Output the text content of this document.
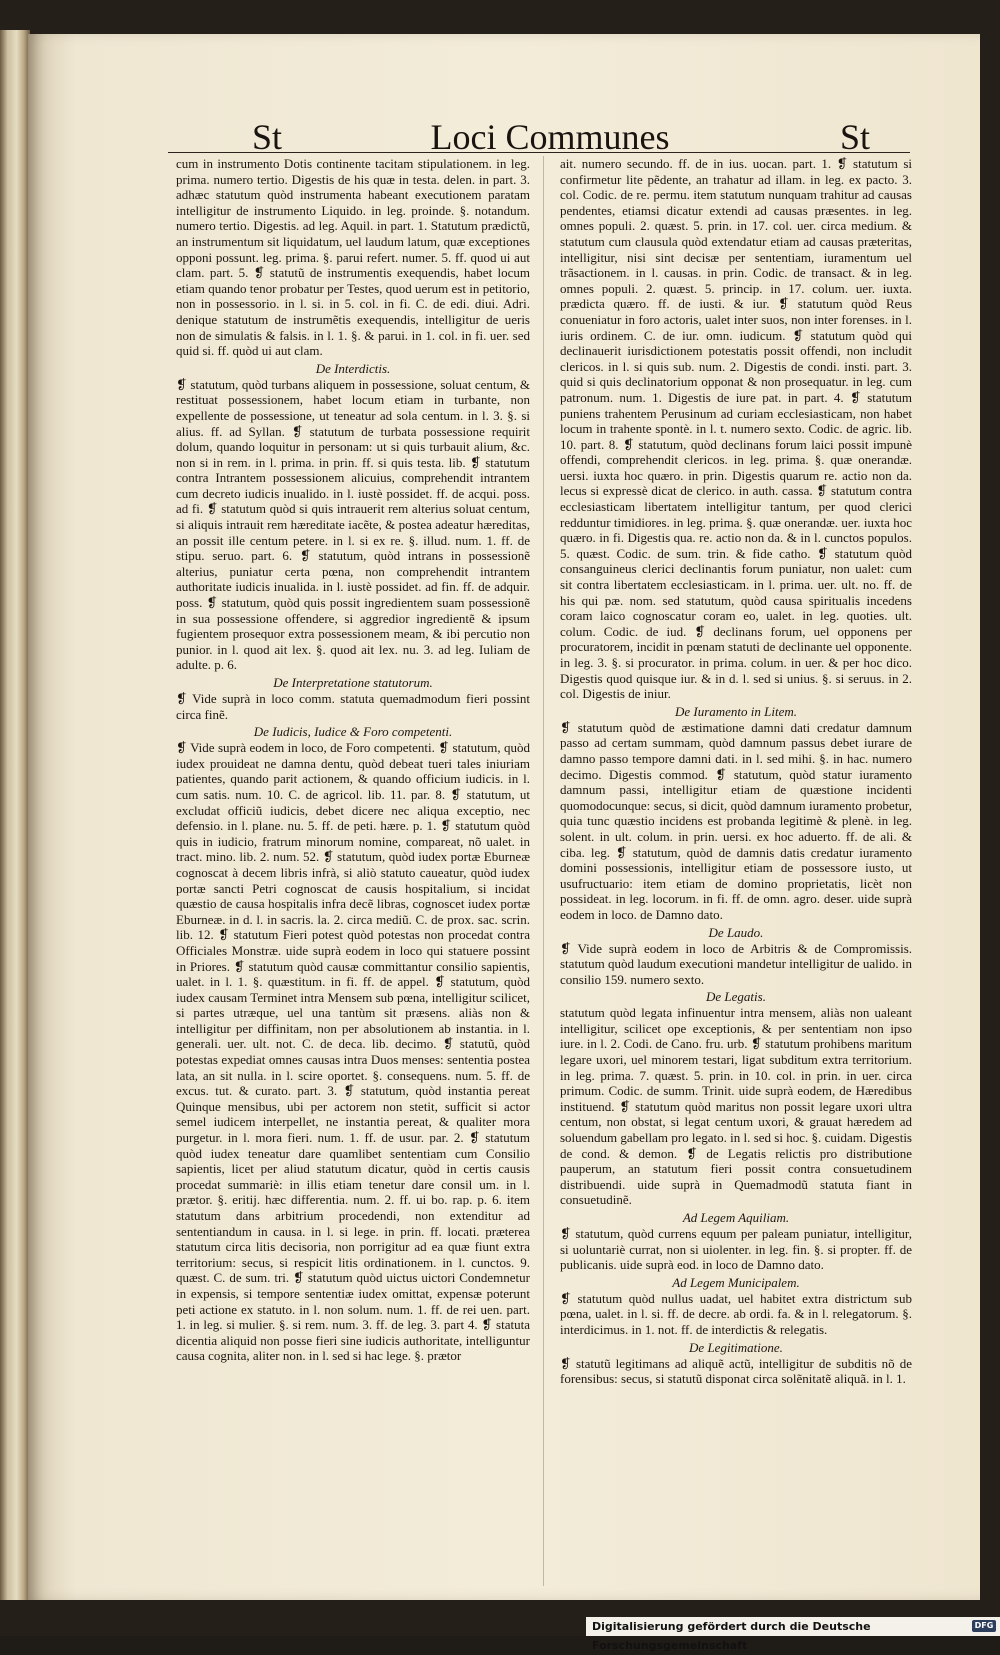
St	Loci Communes	St

cum in instrumento Dotis continente tacitam stipulationem. in leg. prima. numero tertio. Digestis de his quæ in testa. delen. in part. 3. adhæc statutum quòd instrumenta habeant executionem paratam intelligitur de instrumento Liquido. in leg. proinde. §. notandum. numero tertio. Digestis. ad leg. Aquil. in part. 1. Statutum prædictũ, an instrumentum sit liquidatum, uel laudum latum, quæ exceptiones opponi possunt. leg. prima. §. parui refert. numer. 5. ff. quod ui aut clam. part. 5. ❡ statutũ de instrumentis exequendis, habet locum etiam quando tenor probatur per Testes, quod uerum est in petitorio, non in possessorio. in l. si. in 5. col. in fi. C. de edi. diui. Adri. denique statutum de instrumẽtis exequendis, intelligitur de ueris non de simulatis & falsis. in l. 1. §. & parui. in 1. col. in fi. uer. sed quid si. ff. quòd ui aut clam.

De Interdictis.

❡ statutum, quòd turbans aliquem in possessione, soluat centum, & restituat possessionem, habet locum etiam in turbante, non expellente de possessione, ut teneatur ad sola centum. in l. 3. §. si alius. ff. ad Syllan. ❡ statutum de turbata possessione requirit dolum, quando loquitur in personam: ut si quis turbauit alium, &c. non si in rem. in l. prima. in prin. ff. si quis testa. lib. ❡ statutum contra Intrantem possessionem alicuius, comprehendit intrantem cum decreto iudicis inualido. in l. iustè possidet. ff. de acqui. poss. ad fi. ❡ statutum quòd si quis intrauerit rem alterius soluat centum, si aliquis intrauit rem hæreditate iacẽte, & postea adeatur hæreditas, an possit ille centum petere. in l. si ex re. §. illud. num. 1. ff. de stipu. seruo. part. 6. ❡ statutum, quòd intrans in possessionẽ alterius, puniatur certa pœna, non comprehendit intrantem authoritate iudicis inualida. in l. iustè possidet. ad fin. ff. de adquir. poss. ❡ statutum, quòd quis possit ingredientem suam possessionẽ in sua possessione offendere, si aggredior ingredientẽ & ipsum fugientem prosequor extra possessionem meam, & ibi percutio non punior. in l. quod ait lex. §. quod ait lex. nu. 3. ad leg. Iuliam de adulte. p. 6.

De Interpretatione statutorum.

❡ Vide suprà in loco comm. statuta quemadmodum fieri possint circa finẽ.

De Iudicis, Iudice & Foro competenti.

❡ Vide suprà eodem in loco, de Foro competenti. ❡ statutum, quòd iudex prouideat ne damna dentu, quòd debeat tueri tales iniuriam patientes, quando parit actionem, & quando officium iudicis. in l. cum satis. num. 10. C. de agricol. lib. 11. par. 8. ❡ statutum, ut excludat officiũ iudicis, debet dicere nec aliqua exceptio, nec defensio. in l. plane. nu. 5. ff. de peti. hære. p. 1. ❡ statutum quòd quis in iudicio, fratrum minorum nomine, compareat, nõ ualet. in tract. mino. lib. 2. num. 52. ❡ statutum, quòd iudex portæ Eburneæ cognoscat à decem libris infrà, si aliò statuto caueatur, quòd iudex portæ sancti Petri cognoscat de causis hospitalium, si incidat quæstio de causa hospitalis infra decẽ libras, cognoscet iudex portæ Eburneæ. in d. l. in sacris. la. 2. circa mediũ. C. de prox. sac. scrin. lib. 12. ❡ statutum Fieri potest quòd potestas non procedat contra Officiales Monstræ. uide suprà eodem in loco qui statuere possint in Priores. ❡ statutum quòd causæ committantur consilio sapientis, ualet. in l. 1. §. quæstitum. in fi. ff. de appel. ❡ statutum, quòd iudex causam Terminet intra Mensem sub pœna, intelligitur scilicet, si partes utræque, uel una tantùm sit præsens. aliàs non & intelligitur per diffinitam, non per absolutionem ab instantia. in l. generali. uer. ult. not. C. de deca. lib. decimo. ❡ statutũ, quòd potestas expediat omnes causas intra Duos menses: sententia postea lata, an sit nulla. in l. scire oportet. §. consequens. num. 5. ff. de excus. tut. & curato. part. 3. ❡ statutum, quòd instantia pereat Quinque mensibus, ubi per actorem non stetit, sufficit si actor semel iudicem interpellet, ne instantia pereat, & qualiter mora purgetur. in l. mora fieri. num. 1. ff. de usur. par. 2. ❡ statutum quòd iudex teneatur dare quamlibet sententiam cum Consilio sapientis, licet per aliud statutum dicatur, quòd in certis causis procedat summariè: in illis etiam tenetur dare consil um. in l. prætor. §. eritij. hæc differentia. num. 2. ff. ui bo. rap. p. 6. item statutum dans arbitrium procedendi, non extenditur ad sententiandum in causa. in l. si lege. in prin. ff. locati. præterea statutum circa litis decisoria, non porrigitur ad ea quæ fiunt extra territorium: secus, si respicit litis ordinationem. in l. cunctos. 9. quæst. C. de sum. tri. ❡ statutum quòd uictus uictori Condemnetur in expensis, si tempore sententiæ iudex omittat, expensæ poterunt peti actione ex statuto. in l. non solum. num. 1. ff. de rei uen. part. 1. in leg. si mulier. §. si rem. num. 3. ff. de leg. 3. part 4. ❡ statuta dicentia aliquid non posse fieri sine iudicis authoritate, intelliguntur causa cognita, aliter non. in l. sed si hac lege. §. prætor

ait. numero secundo. ff. de in ius. uocan. part. 1. ❡ statutum si confirmetur lite pẽdente, an trahatur ad illam. in leg. ex pacto. 3. col. Codic. de re. permu. item statutum nunquam trahitur ad causas pendentes, etiamsi dicatur extendi ad causas præsentes. in leg. omnes populi. 2. quæst. 5. prin. in 17. col. uer. circa medium. & statutum cum clausula quòd extendatur etiam ad causas præteritas, intelligitur, nisi sint decisæ per sententiam, iuramentum uel trãsactionem. in l. causas. in prin. Codic. de transact. & in leg. omnes populi. 2. quæst. 5. princip. in 17. colum. uer. iuxta. prædicta quæro. ff. de iusti. & iur. ❡ statutum quòd Reus conueniatur in foro actoris, ualet inter suos, non inter forenses. in l. iuris ordinem. C. de iur. omn. iudicum. ❡ statutum quòd qui declinauerit iurisdictionem potestatis possit offendi, non includit clericos. in l. si quis sub. num. 2. Digestis de condi. insti. part. 3. quid si quis declinatorium opponat & non prosequatur. in leg. cum patronum. num. 1. Digestis de iure pat. in part. 4. ❡ statutum puniens trahentem Perusinum ad curiam ecclesiasticam, non habet locum in trahente spontè. in l. t. numero sexto. Codic. de agric. lib. 10. part. 8. ❡ statutum, quòd declinans forum laici possit impunè offendi, comprehendit clericos. in leg. prima. §. quæ onerandæ. uersi. iuxta hoc quæro. in prin. Digestis quarum re. actio non da. lecus si expressè dicat de clerico. in auth. cassa. ❡ statutum contra ecclesiasticam libertatem intelligitur tantum, per quod clerici redduntur timidiores. in leg. prima. §. quæ onerandæ. uer. iuxta hoc quæro. in fi. Digestis qua. re. actio non da. & in l. cunctos populos. 5. quæst. Codic. de sum. trin. & fide catho. ❡ statutum quòd consanguineus clerici declinantis forum puniatur, non ualet: cum sit contra libertatem ecclesiasticam. in l. prima. uer. ult. no. ff. de his qui pæ. nom. sed statutum, quòd causa spiritualis incedens coram laico cognoscatur coram eo, ualet. in leg. quoties. ult. colum. Codic. de iud. ❡ declinans forum, uel opponens per procuratorem, incidit in pœnam statuti de declinante uel opponente. in leg. 3. §. si procurator. in prima. colum. in uer. & per hoc dico. Digestis quod quisque iur. & in d. l. sed si unius. §. si seruus. in 2. col. Digestis de iniur.

De Iuramento in Litem.

❡ statutum quòd de æstimatione damni dati credatur damnum passo ad certam summam, quòd damnum passus debet iurare de damno passo tempore damni dati. in l. sed mihi. §. in hac. numero decimo. Digestis commod. ❡ statutum, quòd statur iuramento damnum passi, intelligitur etiam de quæstione incidenti quomodocunque: secus, si dicit, quòd damnum iuramento probetur, quia tunc quæstio incidens est probanda legitimè & plenè. in leg. solent. in ult. colum. in prin. uersi. ex hoc aduerto. ff. de ali. & ciba. leg. ❡ statutum, quòd de damnis datis credatur iuramento domini possessionis, intelligitur etiam de possessore iusto, ut usufructuario: item etiam de domino proprietatis, licèt non possideat. in leg. locorum. in fi. ff. de omn. agro. deser. uide suprà eodem in loco. de Damno dato.

De Laudo.

❡ Vide suprà eodem in loco de Arbitris & de Compromissis. statutum quòd laudum executioni mandetur intelligitur de ualido. in consilio 159. numero sexto.

De Legatis.

statutum quòd legata infinuentur intra mensem, aliàs non ualeant intelligitur, scilicet ope exceptionis, & per sententiam non ipso iure. in l. 2. Codi. de Cano. fru. urb. ❡ statutum prohibens maritum legare uxori, uel minorem testari, ligat subditum extra territorium. in leg. prima. 7. quæst. 5. prin. in 10. col. in prin. in uer. circa primum. Codic. de summ. Trinit. uide suprà eodem, de Hæredibus instituend. ❡ statutum quòd maritus non possit legare uxori ultra centum, non obstat, si legat centum uxori, & grauat hæredem ad soluendum gabellam pro legato. in l. sed si hoc. §. cuidam. Digestis de cond. & demon. ❡ de Legatis relictis pro distributione pauperum, an statutum fieri possit contra consuetudinem distribuendi. uide suprà in Quemadmodũ statuta fiant in consuetudinẽ.

Ad Legem Aquiliam.

❡ statutum, quòd currens equum per paleam puniatur, intelligitur, si uoluntariè currat, non si uiolenter. in leg. fin. §. si propter. ff. de publicanis. uide suprà eod. in loco de Damno dato.

Ad Legem Municipalem.

❡ statutum quòd nullus uadat, uel habitet extra districtum sub pœna, ualet. in l. si. ff. de decre. ab ordi. fa. & in l. relegatorum. §. interdicimus. in 1. not. ff. de interdictis & relegatis.

De Legitimatione.

❡ statutũ legitimans ad aliquẽ actũ, intelligitur de subditis nõ de forensibus: secus, si statutũ disponat circa solẽnitatẽ aliquã. in l. 1.

Digitalisierung gefördert durch die Deutsche Forschungsgemeinschaft
DFG
